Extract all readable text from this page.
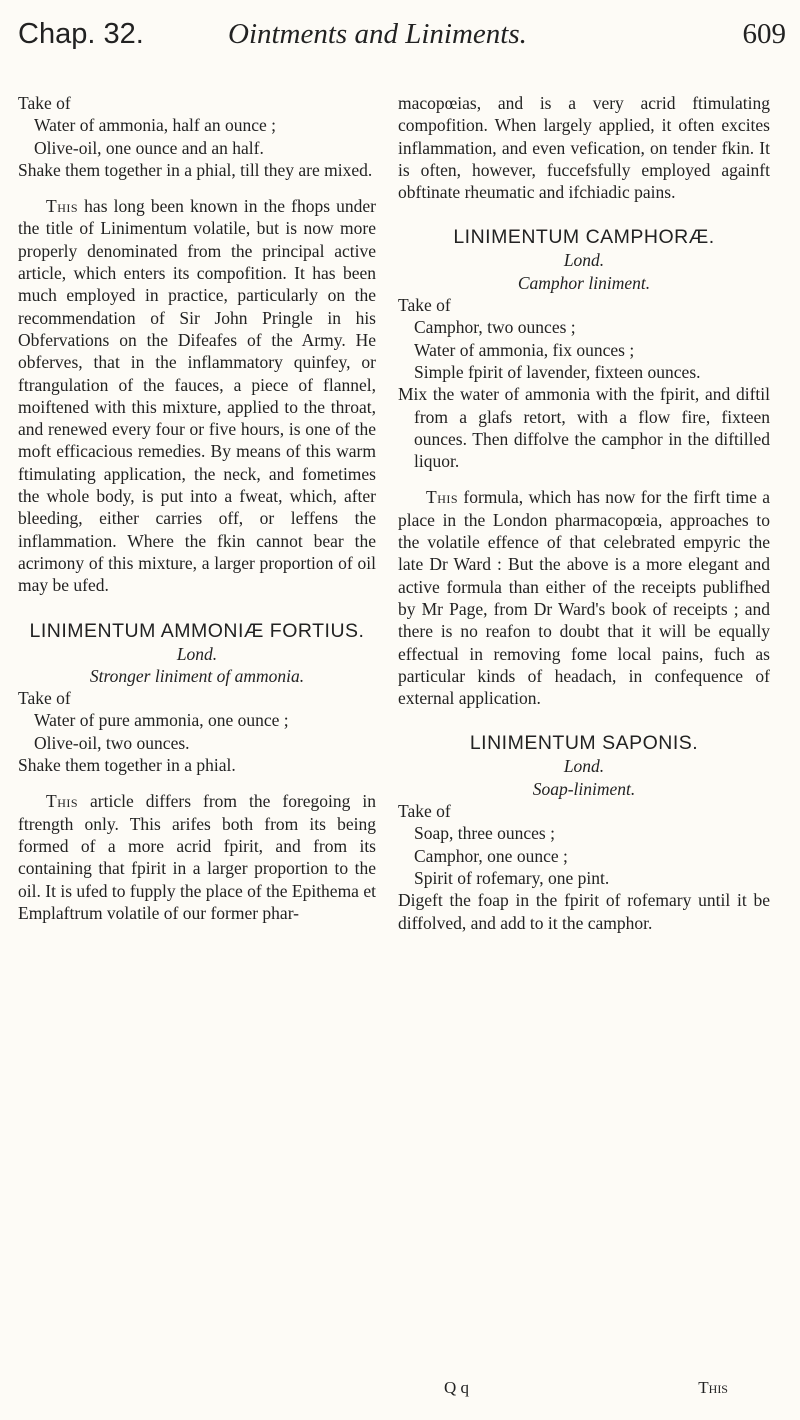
Chap. 32.	Ointments and Liniments.	609

Take of

Water of ammonia, half an ounce ;

Olive-oil, one ounce and an half.

Shake them together in a phial, till they are mixed.

This has long been known in the fhops under the title of Linimentum volatile, but is now more properly denominated from the principal active article, which enters its compofition. It has been much employed in practice, particularly on the recommendation of Sir John Pringle in his Obfervations on the Difeafes of the Army. He obferves, that in the inflammatory quinfey, or ftrangulation of the fauces, a piece of flannel, moiftened with this mixture, applied to the throat, and renewed every four or five hours, is one of the moft efficacious remedies. By means of this warm ftimulating application, the neck, and fometimes the whole body, is put into a fweat, which, after bleeding, either carries off, or leffens the inflammation. Where the fkin cannot bear the acrimony of this mixture, a larger proportion of oil may be ufed.

LINIMENTUM AMMONIÆ FORTIUS.

Lond.

Stronger liniment of ammonia.

Take of

Water of pure ammonia, one ounce ;

Olive-oil, two ounces.

Shake them together in a phial.

This article differs from the foregoing in ftrength only. This arifes both from its being formed of a more acrid fpirit, and from its containing that fpirit in a larger proportion to the oil. It is ufed to fupply the place of the Epithema et Emplaftrum volatile of our former phar-

macopœias, and is a very acrid ftimulating compofition. When largely applied, it often excites inflammation, and even vefication, on tender fkin. It is often, however, fuccefsfully employed againft obftinate rheumatic and ifchiadic pains.

LINIMENTUM CAMPHORÆ.

Lond.

Camphor liniment.

Take of

Camphor, two ounces ;

Water of ammonia, fix ounces ;

Simple fpirit of lavender, fixteen ounces.

Mix the water of ammonia with the fpirit, and diftil from a glafs retort, with a flow fire, fixteen ounces. Then diffolve the camphor in the diftilled liquor.

This formula, which has now for the firft time a place in the London pharmacopœia, approaches to the volatile effence of that celebrated empyric the late Dr Ward : But the above is a more elegant and active formula than either of the receipts publifhed by Mr Page, from Dr Ward's book of receipts ; and there is no reafon to doubt that it will be equally effectual in removing fome local pains, fuch as particular kinds of headach, in confequence of external application.

LINIMENTUM SAPONIS.

Lond.

Soap-liniment.

Take of

Soap, three ounces ;

Camphor, one ounce ;

Spirit of rofemary, one pint.

Digeft the foap in the fpirit of rofemary until it be diffolved, and add to it the camphor.

Q q	This
